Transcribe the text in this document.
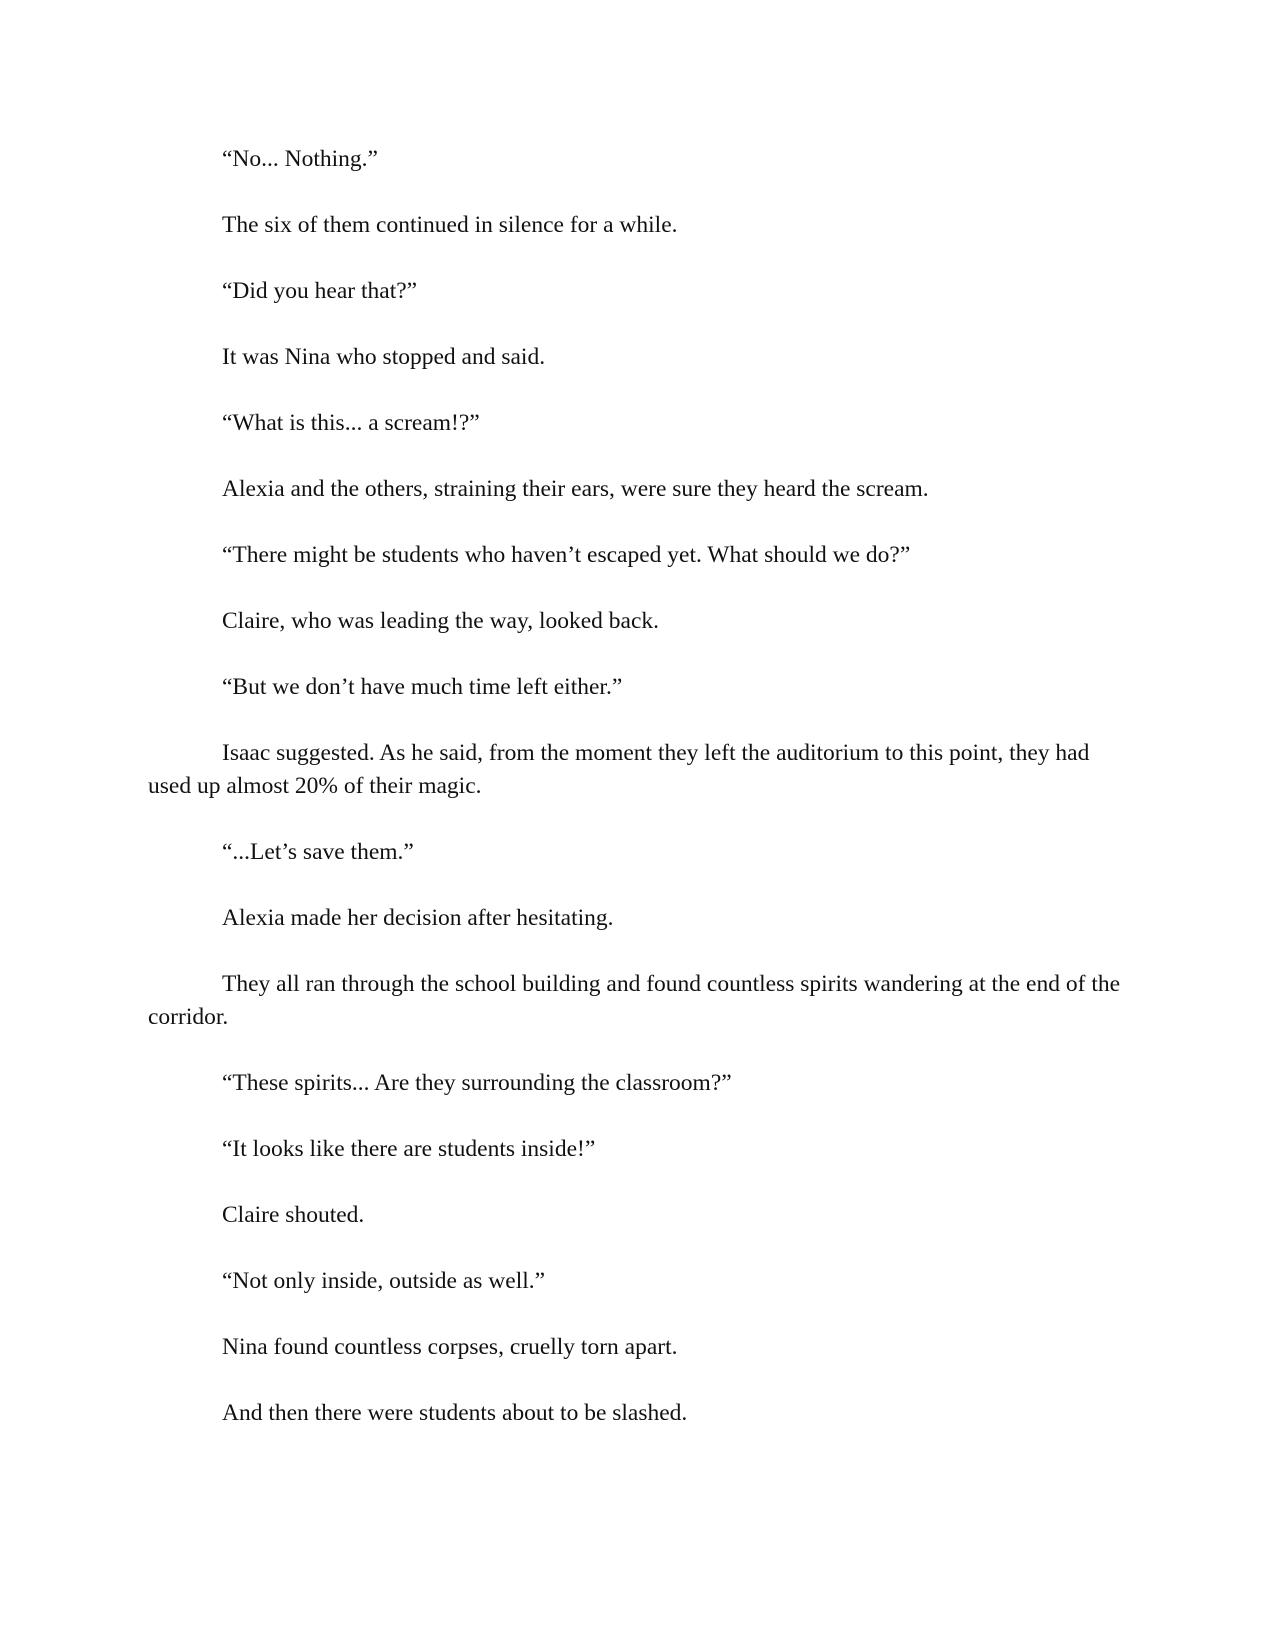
“No... Nothing.”

The six of them continued in silence for a while.

“Did you hear that?”

It was Nina who stopped and said.

“What is this... a scream!?”

Alexia and the others, straining their ears, were sure they heard the scream.

“There might be students who haven’t escaped yet. What should we do?”

Claire, who was leading the way, looked back.

“But we don’t have much time left either.”

Isaac suggested. As he said, from the moment they left the auditorium to this point, they had used up almost 20% of their magic.

“...Let’s save them.”

Alexia made her decision after hesitating.

They all ran through the school building and found countless spirits wandering at the end of the corridor.

“These spirits... Are they surrounding the classroom?”

“It looks like there are students inside!”

Claire shouted.

“Not only inside, outside as well.”

Nina found countless corpses, cruelly torn apart.

And then there were students about to be slashed.
